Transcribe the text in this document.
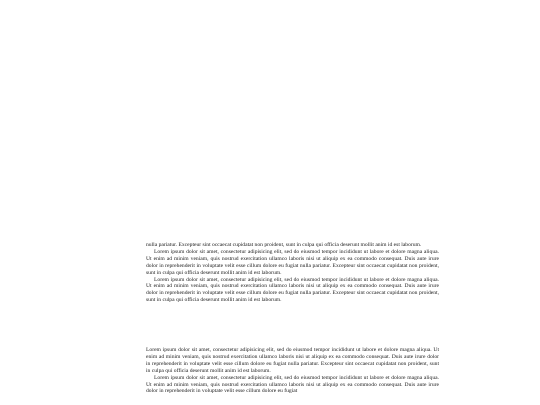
nulla pariatur. Excepteur sint occaecat cupidatat non proident, sunt in culpa qui officia deserunt mollit anim id est laborum.

Lorem ipsum dolor sit amet, consectetur adipisicing elit, sed do eiusmod tempor incididunt ut labore et dolore magna aliqua. Ut enim ad minim veniam, quis nostrud exercitation ullamco laboris nisi ut aliquip ex ea commodo consequat. Duis aute irure dolor in reprehenderit in voluptate velit esse cillum dolore eu fugiat nulla pariatur. Excepteur sint occaecat cupidatat non proident, sunt in culpa qui officia deserunt mollit anim id est laborum.

Lorem ipsum dolor sit amet, consectetur adipisicing elit, sed do eiusmod tempor incididunt ut labore et dolore magna aliqua. Ut enim ad minim veniam, quis nostrud exercitation ullamco laboris nisi ut aliquip ex ea commodo consequat. Duis aute irure dolor in reprehenderit in voluptate velit esse cillum dolore eu fugiat nulla pariatur. Excepteur sint occaecat cupidatat non proident, sunt in culpa qui officia deserunt mollit anim id est laborum.

Lorem ipsum dolor sit amet, consectetur adipisicing elit, sed do eiusmod tempor incididunt ut labore et dolore magna aliqua. Ut enim ad minim veniam, quis nostrud exercitation ullamco laboris nisi ut aliquip ex ea commodo consequat. Duis aute irure dolor in reprehenderit in voluptate velit esse cillum dolore eu fugiat nulla pariatur. Excepteur sint occaecat cupidatat non proident, sunt in culpa qui officia deserunt mollit anim id est laborum.

Lorem ipsum dolor sit amet, consectetur adipisicing elit, sed do eiusmod tempor incididunt ut labore et dolore magna aliqua. Ut enim ad minim veniam, quis nostrud exercitation ullamco laboris nisi ut aliquip ex ea commodo consequat. Duis aute irure dolor in reprehenderit in voluptate velit esse cillum dolore eu fugiat
